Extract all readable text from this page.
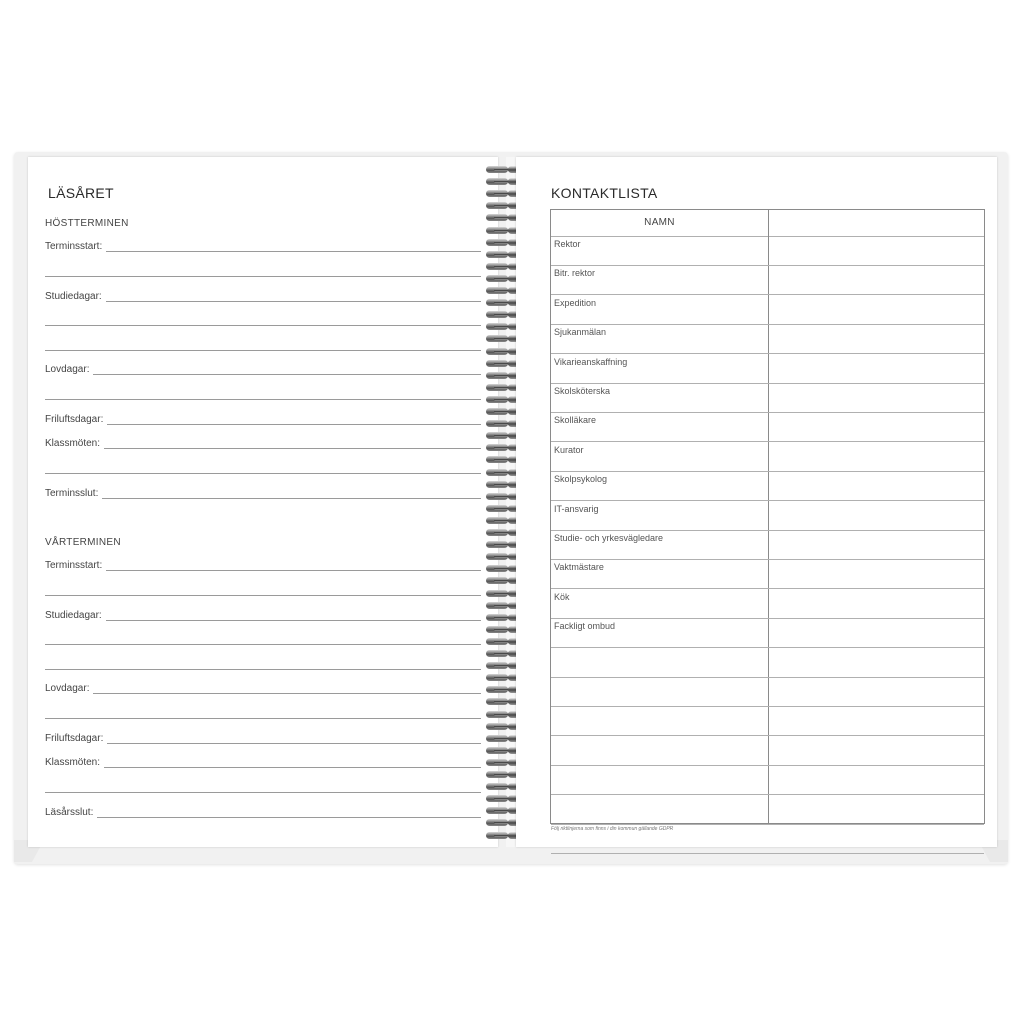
LÄSÅRET
HÖSTTERMINEN
Terminsstart:
Studiedagar:
Lovdagar:
Friluftsdagar:
Klassmöten:
Terminsslut:
VÅRTERMINEN
Terminsstart:
Studiedagar:
Lovdagar:
Friluftsdagar:
Klassmöten:
Läsårsslut:
KONTAKTLISTA
NAMN
Rektor
Bitr. rektor
Expedition
Sjukanmälan
Vikarieanskaffning
Skolsköterska
Skolläkare
Kurator
Skolpsykolog
IT-ansvarig
Studie- och yrkesvägledare
Vaktmästare
Kök
Fackligt ombud
Följ riktlinjerna som finns i din kommun gällande GDPR
